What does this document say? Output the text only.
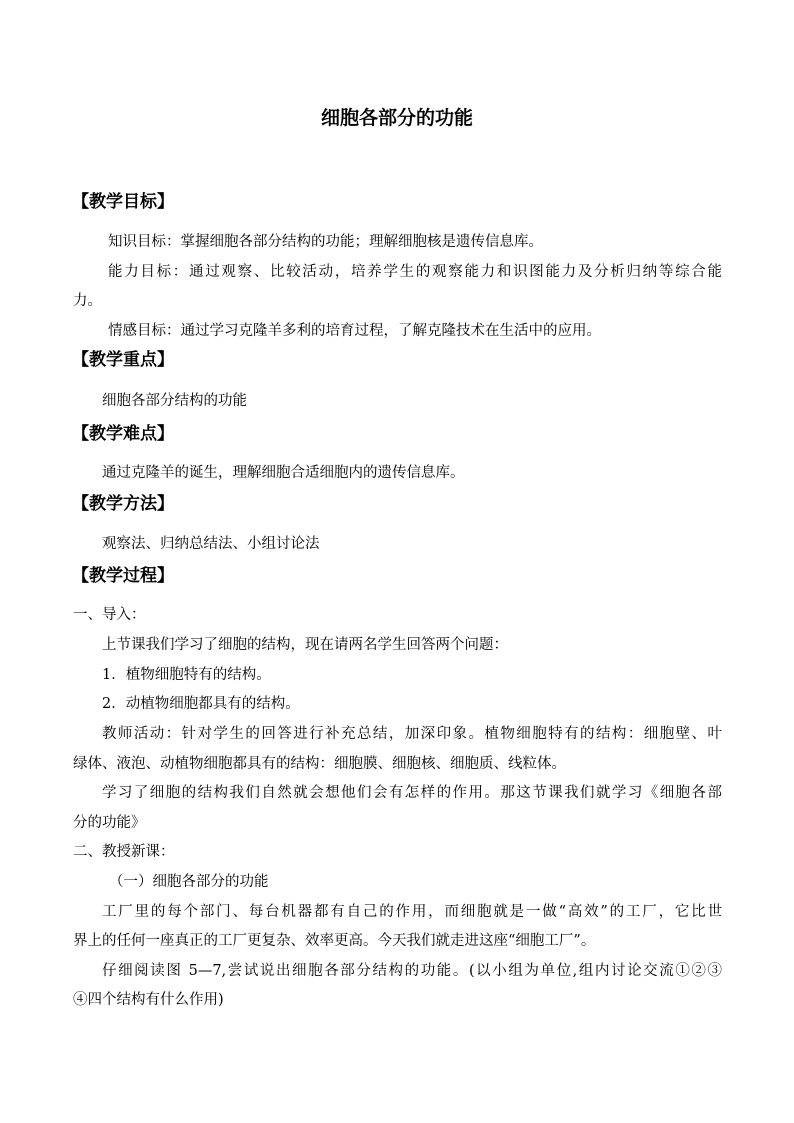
细胞各部分的功能
【教学目标】
知识目标：掌握细胞各部分结构的功能；理解细胞核是遗传信息库。
能力目标：通过观察、比较活动，培养学生的观察能力和识图能力及分析归纳等综合能
力。
情感目标：通过学习克隆羊多利的培育过程，了解克隆技术在生活中的应用。
【教学重点】
细胞各部分结构的功能
【教学难点】
通过克隆羊的诞生，理解细胞合适细胞内的遗传信息库。
【教学方法】
观察法、归纳总结法、小组讨论法
【教学过程】
一、导入：
上节课我们学习了细胞的结构，现在请两名学生回答两个问题：
1．植物细胞特有的结构。
2．动植物细胞都具有的结构。
教师活动：针对学生的回答进行补充总结，加深印象。植物细胞特有的结构：细胞壁、叶
绿体、液泡、动植物细胞都具有的结构：细胞膜、细胞核、细胞质、线粒体。
学习了细胞的结构我们自然就会想他们会有怎样的作用。那这节课我们就学习《细胞各部
分的功能》
二、教授新课：
（一）细胞各部分的功能
工厂里的每个部门、每台机器都有自己的作用，而细胞就是一做“高效”的工厂，它比世
界上的任何一座真正的工厂更复杂、效率更高。今天我们就走进这座“细胞工厂”。
仔细阅读图 5—7,尝试说出细胞各部分结构的功能。(以小组为单位,组内讨论交流①②③
④四个结构有什么作用)
